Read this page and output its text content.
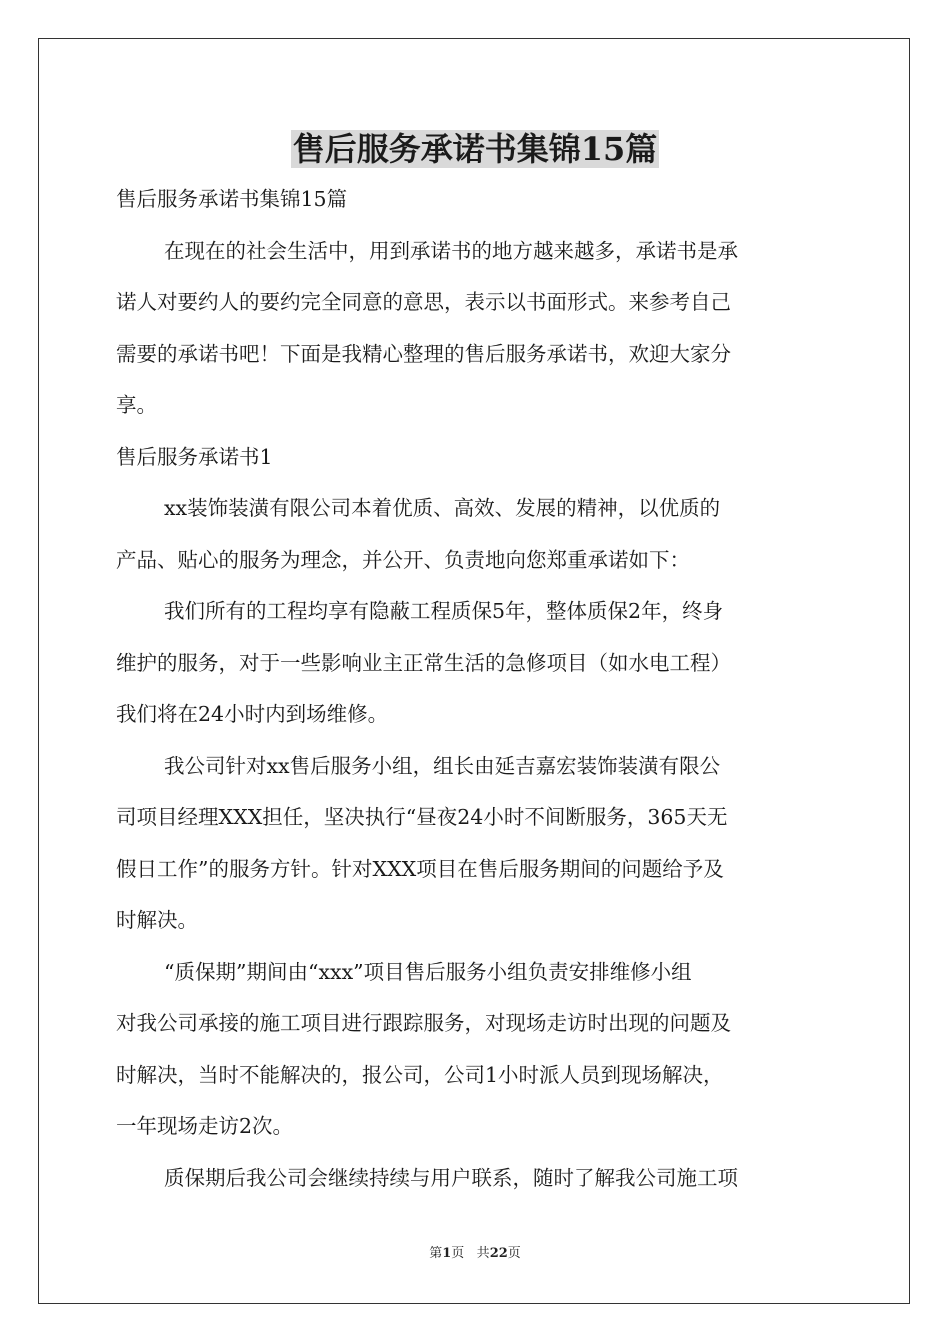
售后服务承诺书集锦15篇
售后服务承诺书集锦15篇
在现在的社会生活中，用到承诺书的地方越来越多，承诺书是承
诺人对要约人的要约完全同意的意思，表示以书面形式。来参考自己
需要的承诺书吧！下面是我精心整理的售后服务承诺书，欢迎大家分
享。
售后服务承诺书1
xx装饰装潢有限公司本着优质、高效、发展的精神，以优质的
产品、贴心的服务为理念，并公开、负责地向您郑重承诺如下：
我们所有的工程均享有隐蔽工程质保5年，整体质保2年，终身
维护的服务，对于一些影响业主正常生活的急修项目（如水电工程）
我们将在24小时内到场维修。
我公司针对xx售后服务小组，组长由延吉嘉宏装饰装潢有限公
司项目经理XXX担任，坚决执行“昼夜24小时不间断服务，365天无
假日工作”的服务方针。针对XXX项目在售后服务期间的问题给予及
时解决。
“质保期”期间由“xxx”项目售后服务小组负责安排维修小组
对我公司承接的施工项目进行跟踪服务，对现场走访时出现的问题及
时解决，当时不能解决的，报公司，公司1小时派人员到现场解决，
一年现场走访2次。
质保期后我公司会继续持续与用户联系，随时了解我公司施工项
第1页 共22页
